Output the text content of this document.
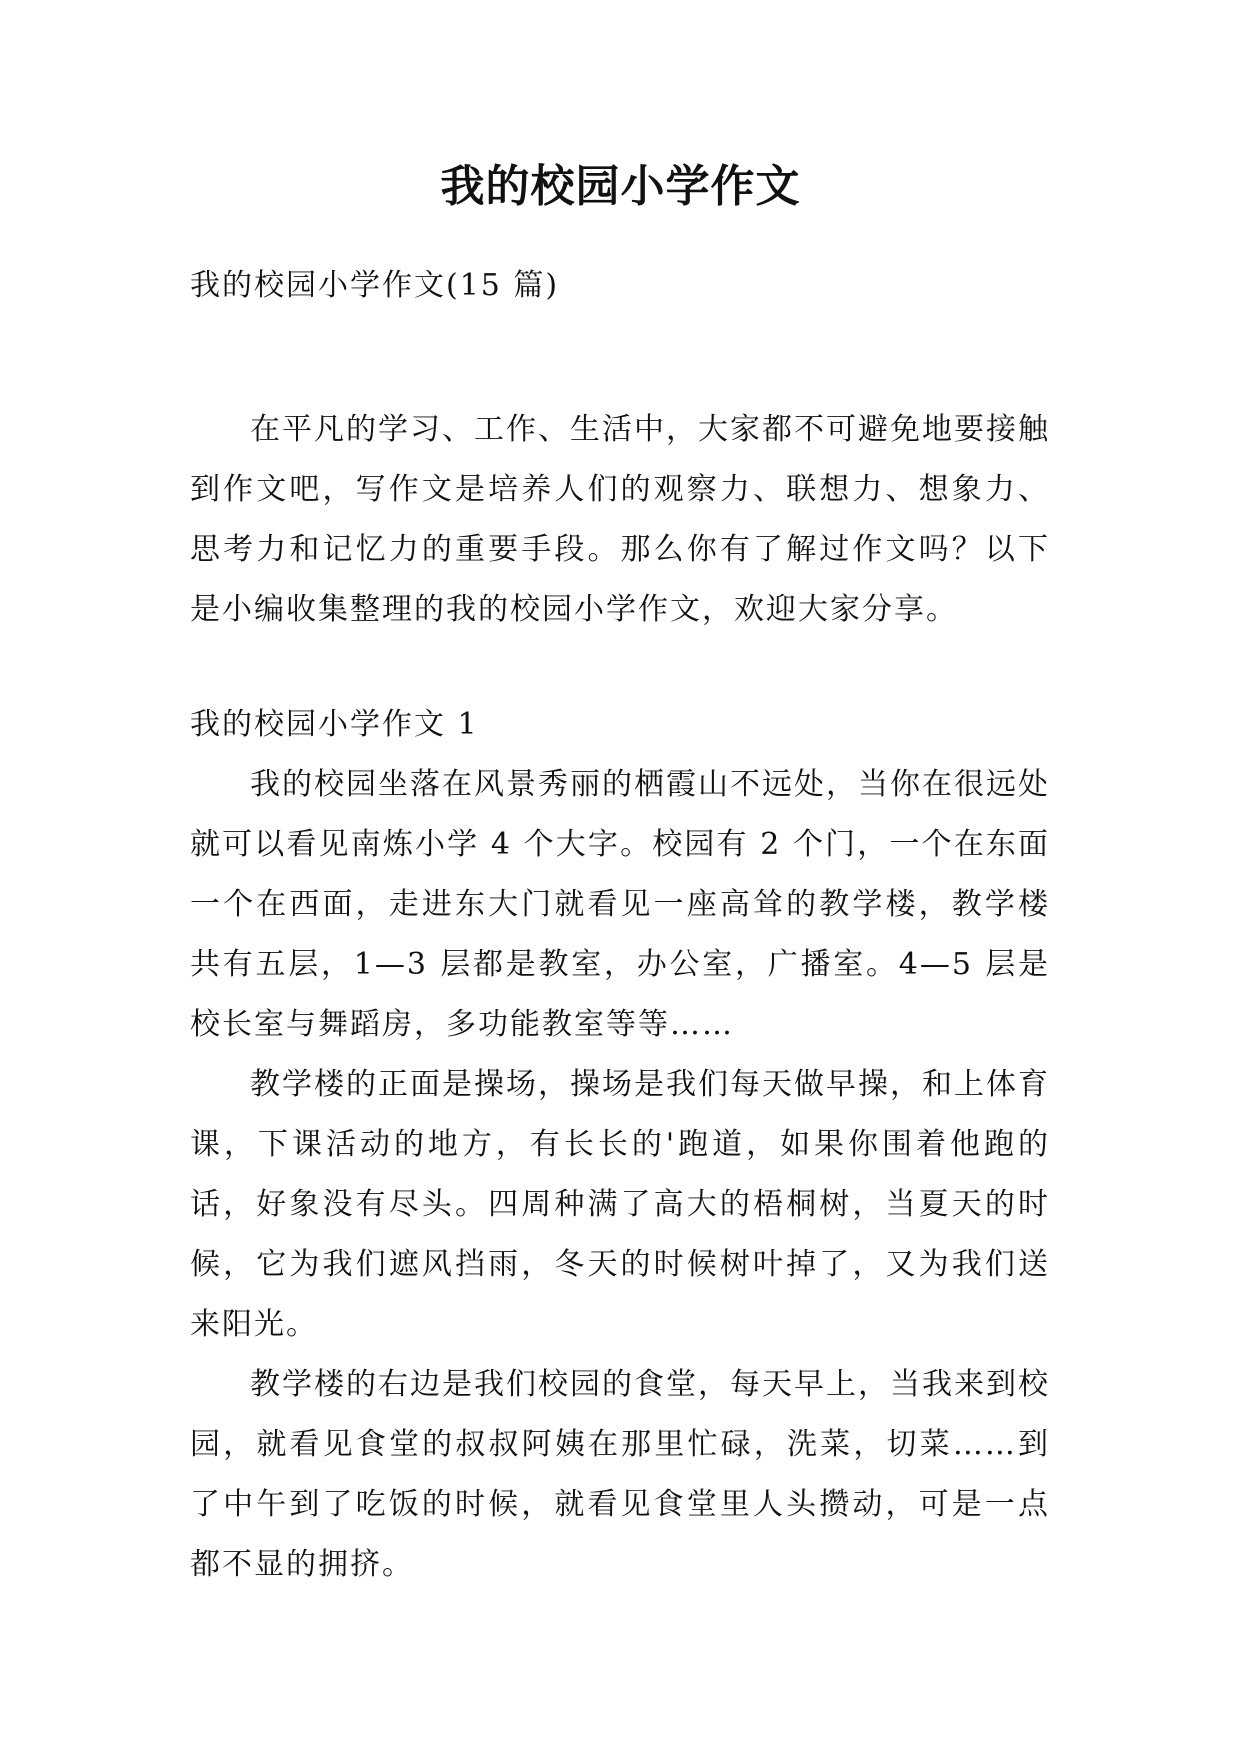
我的校园小学作文
我的校园小学作文(15 篇)

在平凡的学习、工作、生活中，大家都不可避免地要接触到作文吧，写作文是培养人们的观察力、联想力、想象力、思考力和记忆力的重要手段。那么你有了解过作文吗？以下是小编收集整理的我的校园小学作文，欢迎大家分享。

我的校园小学作文 1

我的校园坐落在风景秀丽的栖霞山不远处，当你在很远处就可以看见南炼小学 4 个大字。校园有 2 个门，一个在东面一个在西面，走进东大门就看见一座高耸的教学楼，教学楼共有五层，1—3 层都是教室，办公室，广播室。4—5 层是校长室与舞蹈房，多功能教室等等……

教学楼的正面是操场，操场是我们每天做早操，和上体育课，下课活动的地方，有长长的'跑道，如果你围着他跑的话，好象没有尽头。四周种满了高大的梧桐树，当夏天的时候，它为我们遮风挡雨，冬天的时候树叶掉了，又为我们送来阳光。

教学楼的右边是我们校园的食堂，每天早上，当我来到校园，就看见食堂的叔叔阿姨在那里忙碌，洗菜，切菜……到了中午到了吃饭的时候，就看见食堂里人头攒动，可是一点都不显的拥挤。
